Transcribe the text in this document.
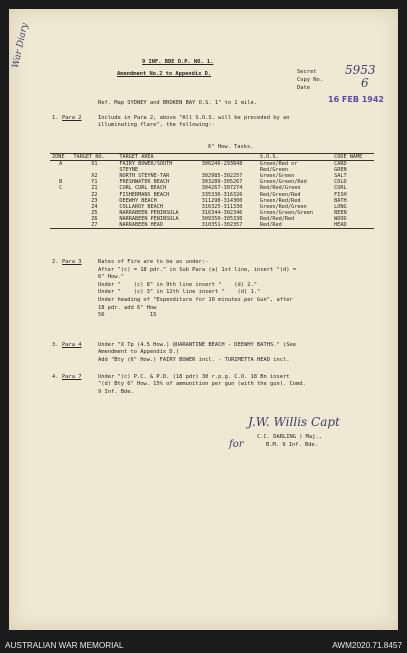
9 INF. BDE O.P. NO. 1.
Amendment No.2 to Appendix D.	Secret
Copy No.
Date
5953
6
16 FEB 1942
War Diary
Ref. Map SYDNEY and BROKEN BAY O.S. 1" to 1 mile.
1. Para 2	Include in Para 2, above "All S.O.S. will be preceded by an
illuminating flare", the following:-
6" How. Tasks.
ZONE	TARGET NO.	TARGET AREA		S.O.S.	CODE NAME
A	X1	FAIRY BOWER/SOUTH	306246-293848	Green/Red or	CARD
		STEYNE		Red/Green	GREN
	X2	NORTH STEYNE-TAR	302985-302257	Green/Green	SALT
B	Y1	FRESHWATER BEACH	303289-305267	Green/Green/Red	COLD
C	Z1	CURL CURL BEACH	304267-307274	Red/Red/Green	CURL
	Z2	FISHERMANS BEACH	335336-316326	Red/Green/Red	FISH
	Z3	DEEWHY BEACH	311298-314300	Green/Red/Red	BATH
	Z4	COLLAROY BEACH	316325-311330	Green/Red/Green	LONG
	Z5	NARRABEEN PENINSULA	316344-302346	Green/Green/Green	BEEN
	Z6	NARRABEEN PENINSULA	309350-305330	Red/Red/Red	WOOD
	Z7	NARRABEEN HEAD	310351-302357	Red/Red	HEAD
2. Para 3	Rates of Fire are to be as under:-
After "(c) = 18 pdr." in Sub Para (a) 1st line, insert "(d) =
6" How."
Under "    (c) 8" in 9th line insert "    (d) 2."
Under "    (c) 3" in 12th line insert "    (d) 1."
Under heading of "Expenditure for 10 minutes per Gun", after
18 pdr. add 6" How
56              15
3. Para 4	Under "X Tp (4.5 How.) QUARANTINE BEACH - DEEWHY BATHS." (See
Amendment to Appendix D.)
Add "Bty (6" How.) FAIRY BOWER incl. - TURIMETTA HEAD incl.
4. Para 7	Under "(c) P.C. & P.D. (18 pdr) 30 r.p.g. C.O. 18 Bn insert
"(d) Bty 6" How. 15% of ammunition per gun (with the gun). Comd.
9 Inf. Bde.
J.W. Willis Capt
C.C. DARLING ) Maj.,
B.M. 9 Inf. Bde.
for
AUSTRALIAN WAR MEMORIAL	AWM2020.71.8457
